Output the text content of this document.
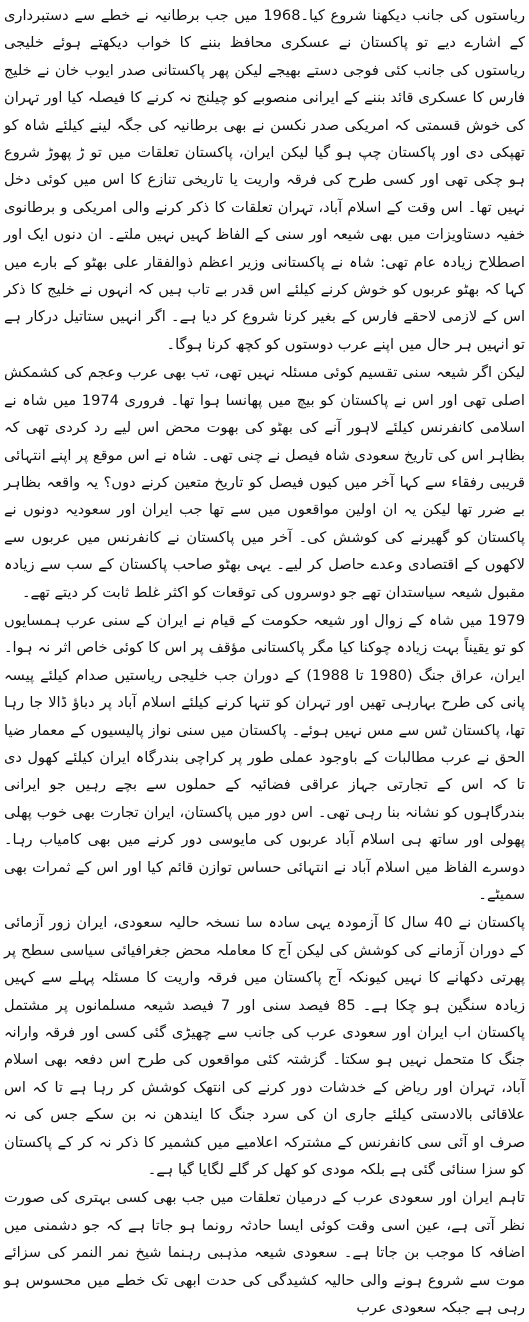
ریاستوں کی جانب دیکھنا شروع کیا۔1968 میں جب برطانیہ نے خطے سے دستبرداری کے اشارے دیے تو پاکستان نے عسکری محافظ بننے کا خواب دیکھتے ہوئے خلیجی ریاستوں کی جانب کئی فوجی دستے بھیجے لیکن پھر پاکستانی صدر ایوب خان نے خلیج فارس کا عسکری قائد بننے کے ایرانی منصوبے کو چیلنج نہ کرنے کا فیصلہ کیا اور تہران کی خوش قسمتی کہ امریکی صدر نکسن نے بھی برطانیہ کی جگہ لینے کیلئے شاہ کو تھپکی دی اور پاکستان چپ ہو گیا لیکن ایران، پاکستان تعلقات میں تو ڑ پھوڑ شروع ہو چکی تھی اور کسی طرح کی فرقہ واریت یا تاریخی تنازع کا اس میں کوئی دخل نہیں تھا۔ اس وقت کے اسلام آباد، تہران تعلقات کا ذکر کرنے والی امریکی و برطانوی خفیہ دستاویزات میں بھی شیعہ اور سنی کے الفاظ کہیں نہیں ملتے۔ ان دنوں ایک اور اصطلاح زیادہ عام تھی: شاہ نے پاکستانی وزیر اعظم ذوالفقار علی بھٹو کے بارے میں کہا کہ بھٹو عربوں کو خوش کرنے کیلئے اس قدر بے تاب ہیں کہ انہوں نے خلیج کا ذکر اس کے لازمی لاحقے فارس کے بغیر کرنا شروع کر دیا ہے۔ اگر انہیں ستاتیل درکار ہے تو انہیں ہر حال میں اپنے عرب دوستوں کو کچھ کرنا ہوگا۔

لیکن اگر شیعہ سنی تقسیم کوئی مسئلہ نہیں تھی، تب بھی عرب وعجم کی کشمکش اصلی تھی اور اس نے پاکستان کو بیچ میں پھانسا ہوا تھا۔ فروری 1974 میں شاہ نے اسلامی کانفرنس کیلئے لاہور آنے کی بھٹو کی بھوت محض اس لیے رد کردی تھی کہ بظاہر اس کی تاریخ سعودی شاہ فیصل نے چنی تھی۔ شاہ نے اس موقع پر اپنے انتہائی قریبی رفقاء سے کہا آخر میں کیوں فیصل کو تاریخ متعین کرنے دوں؟ یہ واقعہ بظاہر بے ضرر تھا لیکن یہ ان اولین مواقعوں میں سے تھا جب ایران اور سعودیہ دونوں نے پاکستان کو گھیرنے کی کوشش کی۔ آخر میں پاکستان نے کانفرنس میں عربوں سے لاکھوں کے اقتصادی وعدے حاصل کر لیے۔ یہی بھٹو صاحب پاکستان کے سب سے زیادہ مقبول شیعہ سیاستدان تھے جو دوسروں کی توقعات کو اکثر غلط ثابت کر دیتے تھے۔

1979 میں شاہ کے زوال اور شیعہ حکومت کے قیام نے ایران کے سنی عرب ہمسایوں کو تو یقیناً بہت زیادہ چوکنا کیا مگر پاکستانی مؤقف پر اس کا کوئی خاص اثر نہ ہوا۔ ایران، عراق جنگ (1980 تا 1988) کے دوران جب خلیجی ریاستیں صدام کیلئے پیسہ پانی کی طرح بہارہی تھیں اور تہران کو تنہا کرنے کیلئے اسلام آباد پر دباؤ ڈالا جا رہا تھا، پاکستان ٹس سے مس نہیں ہوئے۔ پاکستان میں سنی نواز پالیسیوں کے معمار ضیا الحق نے عرب مطالبات کے باوجود عملی طور پر کراچی بندرگاہ ایران کیلئے کھول دی تا کہ اس کے تجارتی جہاز عراقی فضائیہ کے حملوں سے بچے رہیں جو ایرانی بندرگاہوں کو نشانہ بنا رہی تھی۔ اس دور میں پاکستان، ایران تجارت بھی خوب پھلی پھولی اور ساتھ ہی اسلام آباد عربوں کی مایوسی دور کرنے میں بھی کامیاب رہا۔ دوسرے الفاظ میں اسلام آباد نے انتہائی حساس توازن قائم کیا اور اس کے ثمرات بھی سمیٹے۔

پاکستان نے 40 سال کا آزمودہ یہی سادہ سا نسخہ حالیہ سعودی، ایران زور آزمائی کے دوران آزمانے کی کوشش کی لیکن آج کا معاملہ محض جغرافیائی سیاسی سطح پر پھرتی دکھانے کا نہیں کیونکہ آج پاکستان میں فرقہ واریت کا مسئلہ پہلے سے کہیں زیادہ سنگین ہو چکا ہے۔ 85 فیصد سنی اور 7 فیصد شیعہ مسلمانوں پر مشتمل پاکستان اب ایران اور سعودی عرب کی جانب سے چھیڑی گئی کسی اور فرقہ وارانہ جنگ کا متحمل نہیں ہو سکتا۔ گزشتہ کئی مواقعوں کی طرح اس دفعہ بھی اسلام آباد، تہران اور ریاض کے خدشات دور کرنے کی انتھک کوشش کر رہا ہے تا کہ اس علاقائی بالادستی کیلئے جاری ان کی سرد جنگ کا ایندھن نہ بن سکے جس کی نہ صرف او آئی سی کانفرنس کے مشترکہ اعلامیے میں کشمیر کا ذکر نہ کر کے پاکستان کو سزا سنائی گئی ہے بلکہ مودی کو کھل کر گلے لگایا گیا ہے۔

تاہم ایران اور سعودی عرب کے درمیان تعلقات میں جب بھی کسی بہتری کی صورت نظر آتی ہے، عین اسی وقت کوئی ایسا حادثہ رونما ہو جاتا ہے کہ جو دشمنی میں اضافہ کا موجب بن جاتا ہے۔ سعودی شیعہ مذہبی رہنما شیخ نمر النمر کی سزائے موت سے شروع ہونے والی حالیہ کشیدگی کی حدت ابھی تک خطے میں محسوس ہو رہی ہے جبکہ سعودی عرب
